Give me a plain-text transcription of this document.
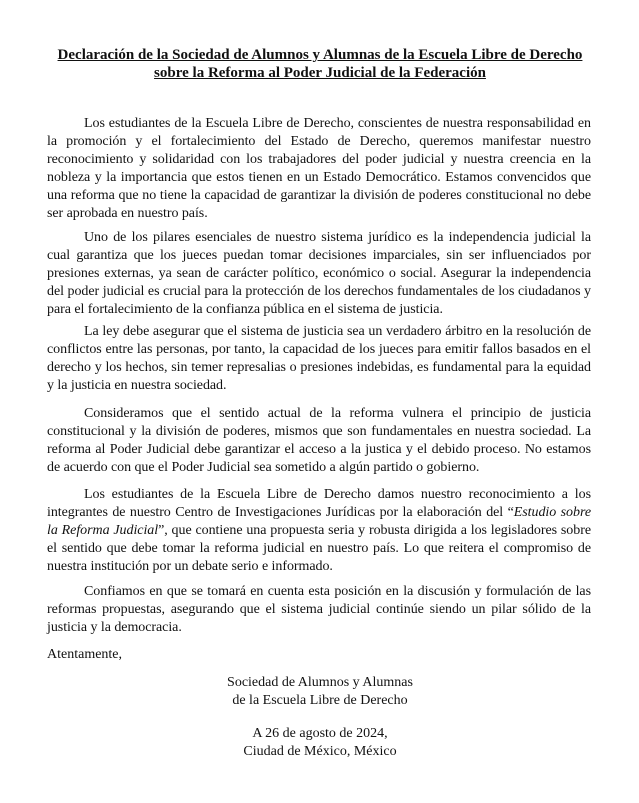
Declaración de la Sociedad de Alumnos y Alumnas de la Escuela Libre de Derecho sobre la Reforma al Poder Judicial de la Federación

Los estudiantes de la Escuela Libre de Derecho, conscientes de nuestra responsabilidad en la promoción y el fortalecimiento del Estado de Derecho, queremos manifestar nuestro reconocimiento y solidaridad con los trabajadores del poder judicial y nuestra creencia en la nobleza y la importancia que estos tienen en un Estado Democrático. Estamos convencidos que una reforma que no tiene la capacidad de garantizar la división de poderes constitucional no debe ser aprobada en nuestro país.

Uno de los pilares esenciales de nuestro sistema jurídico es la independencia judicial la cual garantiza que los jueces puedan tomar decisiones imparciales, sin ser influenciados por presiones externas, ya sean de carácter político, económico o social. Asegurar la independencia del poder judicial es crucial para la protección de los derechos fundamentales de los ciudadanos y para el fortalecimiento de la confianza pública en el sistema de justicia.

La ley debe asegurar que el sistema de justicia sea un verdadero árbitro en la resolución de conflictos entre las personas, por tanto, la capacidad de los jueces para emitir fallos basados en el derecho y los hechos, sin temer represalias o presiones indebidas, es fundamental para la equidad y la justicia en nuestra sociedad.

Consideramos que el sentido actual de la reforma vulnera el principio de justicia constitucional y la división de poderes, mismos que son fundamentales en nuestra sociedad. La reforma al Poder Judicial debe garantizar el acceso a la justica y el debido proceso. No estamos de acuerdo con que el Poder Judicial sea sometido a algún partido o gobierno.

Los estudiantes de la Escuela Libre de Derecho damos nuestro reconocimiento a los integrantes de nuestro Centro de Investigaciones Jurídicas por la elaboración del “Estudio sobre la Reforma Judicial”, que contiene una propuesta seria y robusta dirigida a los legisladores sobre el sentido que debe tomar la reforma judicial en nuestro país. Lo que reitera el compromiso de nuestra institución por un debate serio e informado.

Confiamos en que se tomará en cuenta esta posición en la discusión y formulación de las reformas propuestas, asegurando que el sistema judicial continúe siendo un pilar sólido de la justicia y la democracia.

Atentamente,
Sociedad de Alumnos y Alumnas
de la Escuela Libre de Derecho
A 26 de agosto de 2024,
Ciudad de México, México
